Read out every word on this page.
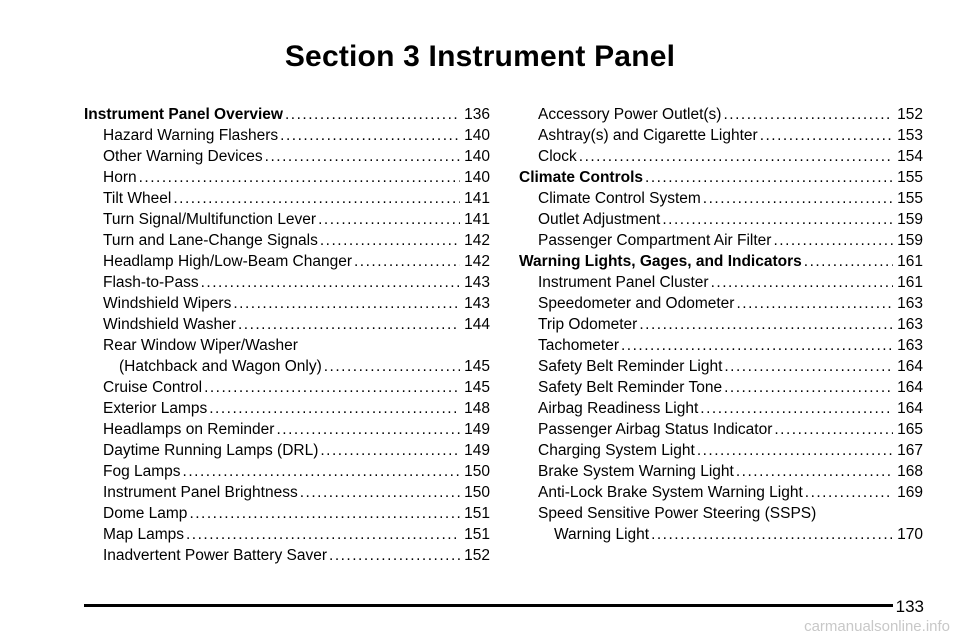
Section 3 Instrument Panel
Instrument Panel Overview .....	136
Hazard Warning Flashers .....	140
Other Warning Devices .....	140
Horn .....	140
Tilt Wheel .....	141
Turn Signal/Multifunction Lever .....	141
Turn and Lane-Change Signals .....	142
Headlamp High/Low-Beam Changer .....	142
Flash-to-Pass .....	143
Windshield Wipers .....	143
Windshield Washer .....	144
Rear Window Wiper/Washer
(Hatchback and Wagon Only) .....	145
Cruise Control .....	145
Exterior Lamps .....	148
Headlamps on Reminder .....	149
Daytime Running Lamps (DRL) .....	149
Fog Lamps .....	150
Instrument Panel Brightness .....	150
Dome Lamp .....	151
Map Lamps .....	151
Inadvertent Power Battery Saver .....	152
Accessory Power Outlet(s) .....	152
Ashtray(s) and Cigarette Lighter .....	153
Clock .....	154
Climate Controls .....	155
Climate Control System .....	155
Outlet Adjustment .....	159
Passenger Compartment Air Filter .....	159
Warning Lights, Gages, and Indicators .....	161
Instrument Panel Cluster .....	161
Speedometer and Odometer .....	163
Trip Odometer .....	163
Tachometer .....	163
Safety Belt Reminder Light .....	164
Safety Belt Reminder Tone .....	164
Airbag Readiness Light .....	164
Passenger Airbag Status Indicator .....	165
Charging System Light .....	167
Brake System Warning Light .....	168
Anti-Lock Brake System Warning Light .....	169
Speed Sensitive Power Steering (SSPS)
Warning Light .....	170
133
carmanualsonline.info
